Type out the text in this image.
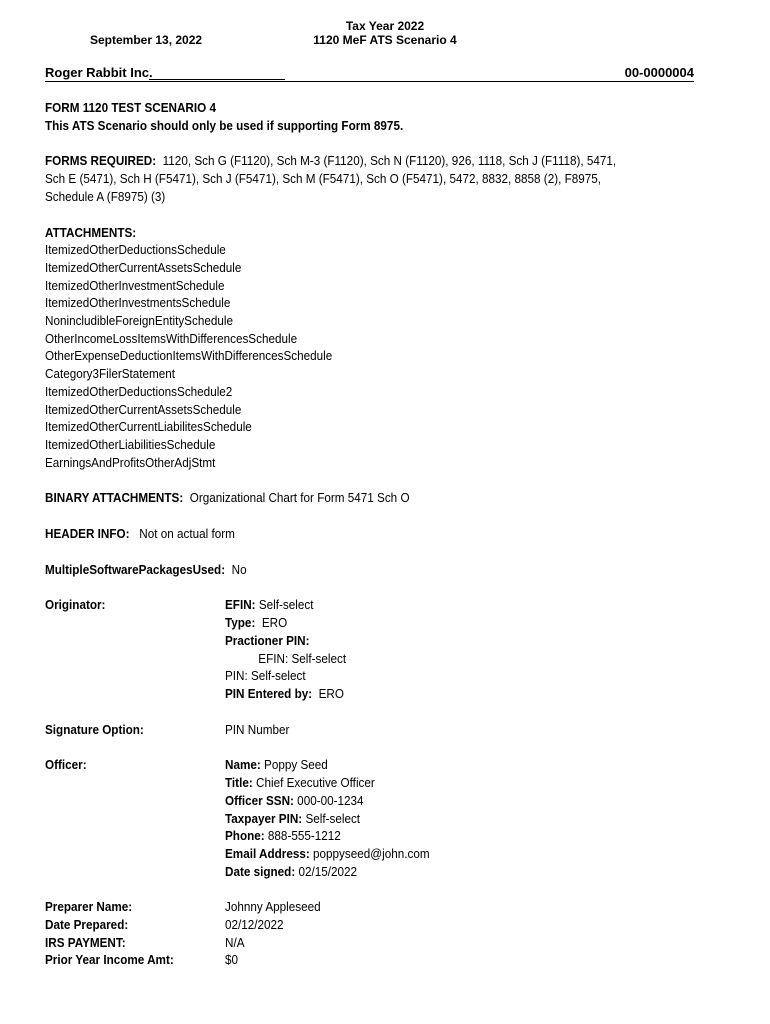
September 13, 2022
Tax Year 2022
1120 MeF ATS Scenario 4
Roger Rabbit Inc.	00-0000004
FORM 1120 TEST SCENARIO 4
This ATS Scenario should only be used if supporting Form 8975.
FORMS REQUIRED: 1120, Sch G (F1120), Sch M-3 (F1120), Sch N (F1120), 926, 1118, Sch J (F1118), 5471,
Sch E (5471), Sch H (F5471), Sch J (F5471), Sch M (F5471), Sch O (F5471), 5472, 8832, 8858 (2), F8975,
Schedule A (F8975) (3)
ATTACHMENTS:
ItemizedOtherDeductionsSchedule
ItemizedOtherCurrentAssetsSchedule
ItemizedOtherInvestmentSchedule
ItemizedOtherInvestmentsSchedule
NonincludibleForeignEntitySchedule
OtherIncomeLossItemsWithDifferencesSchedule
OtherExpenseDeductionItemsWithDifferencesSchedule
Category3FilerStatement
ItemizedOtherDeductionsSchedule2
ItemizedOtherCurrentAssetsSchedule
ItemizedOtherCurrentLiabilitesSchedule
ItemizedOtherLiabilitiesSchedule
EarningsAndProfitsOtherAdjStmt
BINARY ATTACHMENTS: Organizational Chart for Form 5471 Sch O
HEADER INFO: Not on actual form
MultipleSoftwarePackagesUsed: No
Originator:	EFIN: Self-select
Type: ERO
Practioner PIN:
EFIN: Self-select
PIN: Self-select
PIN Entered by: ERO
Signature Option:	PIN Number
Officer:	Name: Poppy Seed
Title: Chief Executive Officer
Officer SSN: 000-00-1234
Taxpayer PIN: Self-select
Phone: 888-555-1212
Email Address: poppyseed@john.com
Date signed: 02/15/2022
Preparer Name:	Johnny Appleseed
Date Prepared:	02/12/2022
IRS PAYMENT:	N/A
Prior Year Income Amt:	$0
